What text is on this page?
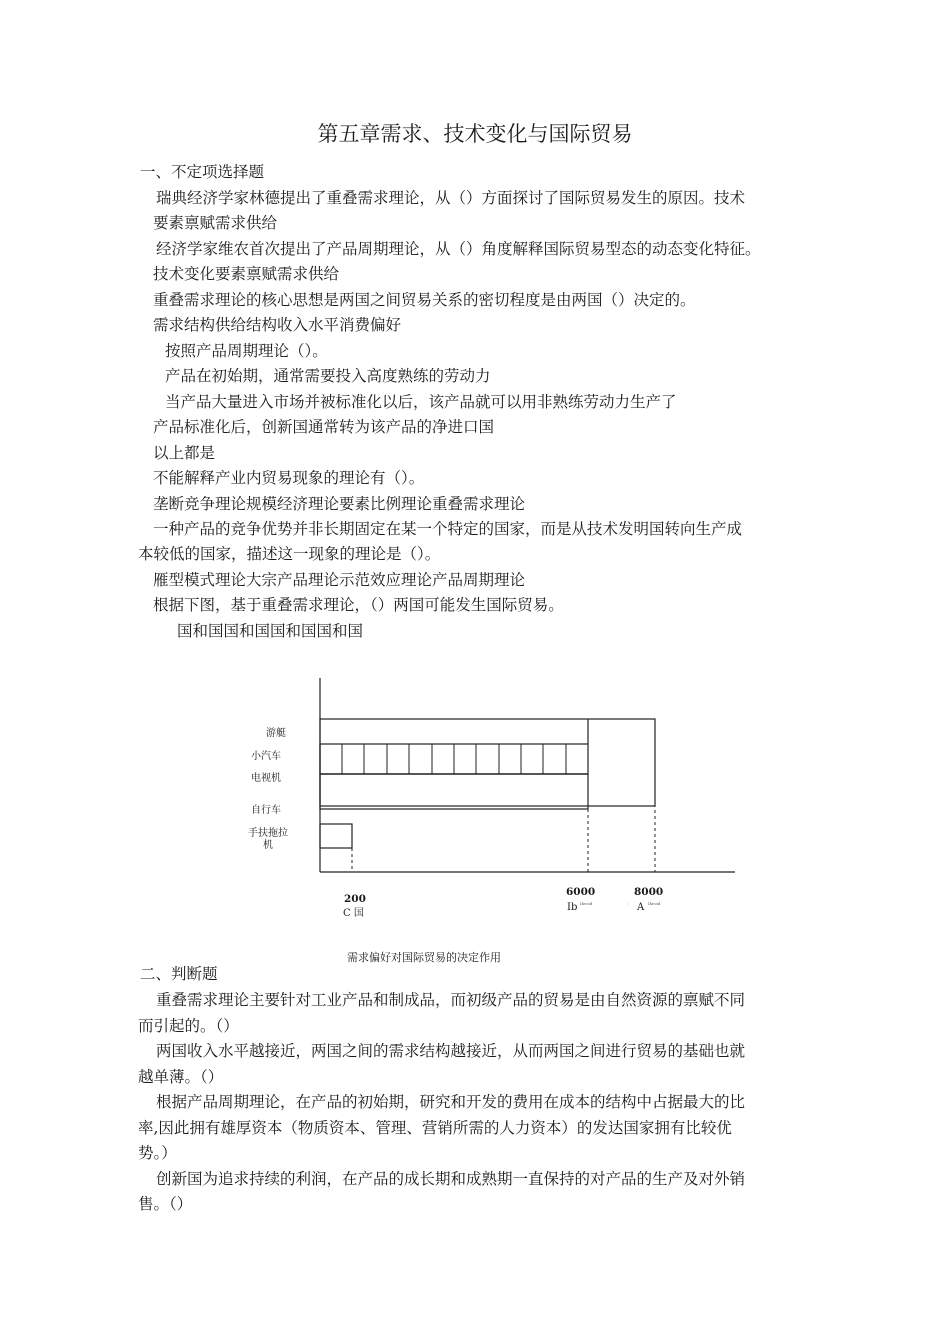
第五章需求、技术变化与国际贸易
一、不定项选择题
瑞典经济学家林德提出了重叠需求理论，从（）方面探讨了国际贸易发生的原因。技术
要素禀赋需求供给
经济学家维农首次提出了产品周期理论，从（）角度解释国际贸易型态的动态变化特征。
技术变化要素禀赋需求供给
重叠需求理论的核心思想是两国之间贸易关系的密切程度是由两国（）决定的。
需求结构供给结构收入水平消费偏好
按照产品周期理论（）。
产品在初始期，通常需要投入高度熟练的劳动力
当产品大量进入市场并被标准化以后，该产品就可以用非熟练劳动力生产了
产品标准化后，创新国通常转为该产品的净进口国
以上都是
不能解释产业内贸易现象的理论有（）。
垄断竞争理论规模经济理论要素比例理论重叠需求理论
一种产品的竞争优势并非长期固定在某一个特定的国家，而是从技术发明国转向生产成
本较低的国家，描述这一现象的理论是（）。
雁型模式理论大宗产品理论示范效应理论产品周期理论
根据下图，基于重叠需求理论，（）两国可能发生国际贸易。
国和国国和国国和国国和国
游艇
小汽车
电视机
自行车
手扶拖拉
机
200
C 国
6000
Ib Ihroid
8000
A
:	Ihroid
需求偏好对国际贸易的决定作用
二、判断题
重叠需求理论主要针对工业产品和制成品，而初级产品的贸易是由自然资源的禀赋不同
而引起的。（）
两国收入水平越接近，两国之间的需求结构越接近，从而两国之间进行贸易的基础也就
越单薄。（）
根据产品周期理论，在产品的初始期，研究和开发的费用在成本的结构中占据最大的比
率,因此拥有雄厚资本（物质资本、管理、营销所需的人力资本）的发达国家拥有比较优
势。）
创新国为追求持续的利润，在产品的成长期和成熟期一直保持的对产品的生产及对外销
售。（）
